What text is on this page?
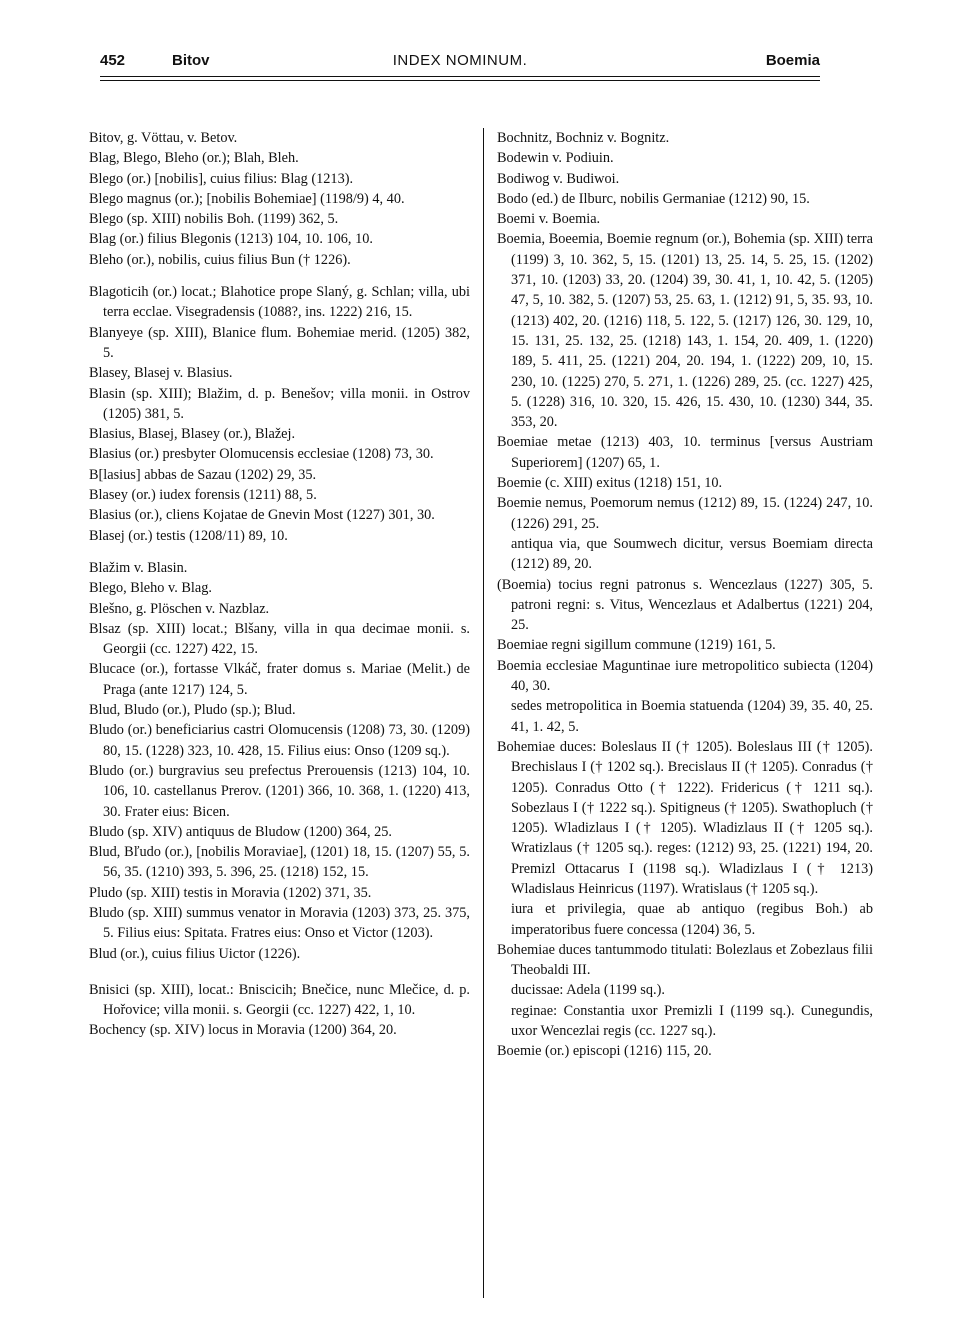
452	Bitov	INDEX NOMINUM.	Boemia
Bitov, g. Vöttau, v. Betov.
Blag, Blego, Bleho (or.); Blah, Bleh.
Blego (or.) [nobilis], cuius filius: Blag (1213).
Blego magnus (or.); [nobilis Bohemiae] (1198/9) 4, 40.
Blego (sp. XIII) nobilis Boh. (1199) 362, 5.
Blag (or.) filius Blegonis (1213) 104, 10. 106, 10.
Bleho (or.), nobilis, cuius filius Bun († 1226).
Blagoticih (or.) locat.; Blahotice prope Slaný, g. Schlan; villa, ubi terra ecclae. Visegradensis (1088?, ins. 1222) 216, 15.
Blanyeye (sp. XIII), Blanice flum. Bohemiae merid. (1205) 382, 5.
Blasey, Blasej v. Blasius.
Blasin (sp. XIII); Blažim, d. p. Benešov; villa monii. in Ostrov (1205) 381, 5.
Blasius, Blasej, Blasey (or.), Blažej.
Blasius (or.) presbyter Olomucensis ecclesiae (1208) 73, 30.
B[lasius] abbas de Sazau (1202) 29, 35.
Blasey (or.) iudex forensis (1211) 88, 5.
Blasius (or.), cliens Kojatae de Gnevin Most (1227) 301, 30.
Blasej (or.) testis (1208/11) 89, 10.
Blažim v. Blasin.
Blego, Bleho v. Blag.
Blešno, g. Plöschen v. Nazblaz.
Blsaz (sp. XIII) locat.; Blšany, villa in qua decimae monii. s. Georgii (cc. 1227) 422, 15.
Blucace (or.), fortasse Vlkáč, frater domus s. Mariae (Melit.) de Praga (ante 1217) 124, 5.
Blud, Bludo (or.), Pludo (sp.); Blud.
Bludo (or.) beneficiarius castri Olomucensis (1208) 73, 30. (1209) 80, 15. (1228) 323, 10. 428, 15. Filius eius: Onso (1209 sq.).
Bludo (or.) burgravius seu prefectus Prerouensis (1213) 104, 10. 106, 10. castellanus Prerov. (1201) 366, 10. 368, 1. (1220) 413, 30. Frater eius: Bicen.
Bludo (sp. XIV) antiquus de Bludow (1200) 364, 25.
Blud, Bľudo (or.), [nobilis Moraviae], (1201) 18, 15. (1207) 55, 5. 56, 35. (1210) 393, 5. 396, 25. (1218) 152, 15.
Pludo (sp. XIII) testis in Moravia (1202) 371, 35.
Bludo (sp. XIII) summus venator in Moravia (1203) 373, 25. 375, 5. Filius eius: Spitata. Fratres eius: Onso et Victor (1203).
Blud (or.), cuius filius Uictor (1226).
Bnisici (sp. XIII), locat.: Bniscicih; Bnečice, nunc Mlečice, d. p. Hořovice; villa monii. s. Georgii (cc. 1227) 422, 1, 10.
Bochency (sp. XIV) locus in Moravia (1200) 364, 20.
Bochnitz, Bochniz v. Bognitz.
Bodewin v. Podiuin.
Bodiwog v. Budiwoi.
Bodo (ed.) de Ilburc, nobilis Germaniae (1212) 90, 15.
Boemi v. Boemia.
Boemia, Boeemia, Boemie regnum (or.), Bohemia (sp. XIII) terra (1199) 3, 10. 362, 5, 15. (1201) 13, 25. 14, 5. 25, 15. (1202) 371, 10. (1203) 33, 20. (1204) 39, 30. 41, 1, 10. 42, 5. (1205) 47, 5, 10. 382, 5. (1207) 53, 25. 63, 1. (1212) 91, 5, 35. 93, 10. (1213) 402, 20. (1216) 118, 5. 122, 5. (1217) 126, 30. 129, 10, 15. 131, 25. 132, 25. (1218) 143, 1. 154, 20. 409, 1. (1220) 189, 5. 411, 25. (1221) 204, 20. 194, 1. (1222) 209, 10, 15. 230, 10. (1225) 270, 5. 271, 1. (1226) 289, 25. (cc. 1227) 425, 5. (1228) 316, 10. 320, 15. 426, 15. 430, 10. (1230) 344, 35. 353, 20.
Boemiae metae (1213) 403, 10. terminus [versus Austriam Superiorem] (1207) 65, 1.
Boemie (c. XIII) exitus (1218) 151, 10.
Boemie nemus, Poemorum nemus (1212) 89, 15. (1224) 247, 10. (1226) 291, 25.
antiqua via, que Soumwech dicitur, versus Boemiam directa (1212) 89, 20.
(Boemia) tocius regni patronus s. Wencezlaus (1227) 305, 5. patroni regni: s. Vitus, Wencezlaus et Adalbertus (1221) 204, 25.
Boemiae regni sigillum commune (1219) 161, 5.
Boemia ecclesiae Maguntinae iure metropolitico subiecta (1204) 40, 30.
sedes metropolitica in Boemia statuenda (1204) 39, 35. 40, 25. 41, 1. 42, 5.
Bohemiae duces: Boleslaus II († 1205). Boleslaus III († 1205). Brechislaus I († 1202 sq.). Brecislaus II († 1205). Conradus († 1205). Conradus Otto († 1222). Fridericus († 1211 sq.). Sobezlaus I († 1222 sq.). Spitigneus († 1205). Swathopluch († 1205). Wladizlaus I († 1205). Wladizlaus II († 1205 sq.). Wratizlaus († 1205 sq.). reges: (1212) 93, 25. (1221) 194, 20. Premizl Ottacarus I (1198 sq.). Wladizlaus I († 1213) Wladislaus Heinricus (1197). Wratislaus († 1205 sq.).
iura et privilegia, quae ab antiquo (regibus Boh.) ab imperatoribus fuere concessa (1204) 36, 5.
Bohemiae duces tantummodo titulati: Bolezlaus et Zobezlaus filii Theobaldi III.
ducissae: Adela (1199 sq.).
reginae: Constantia uxor Premizli I (1199 sq.). Cunegundis, uxor Wencezlai regis (cc. 1227 sq.).
Boemie (or.) episcopi (1216) 115, 20.
